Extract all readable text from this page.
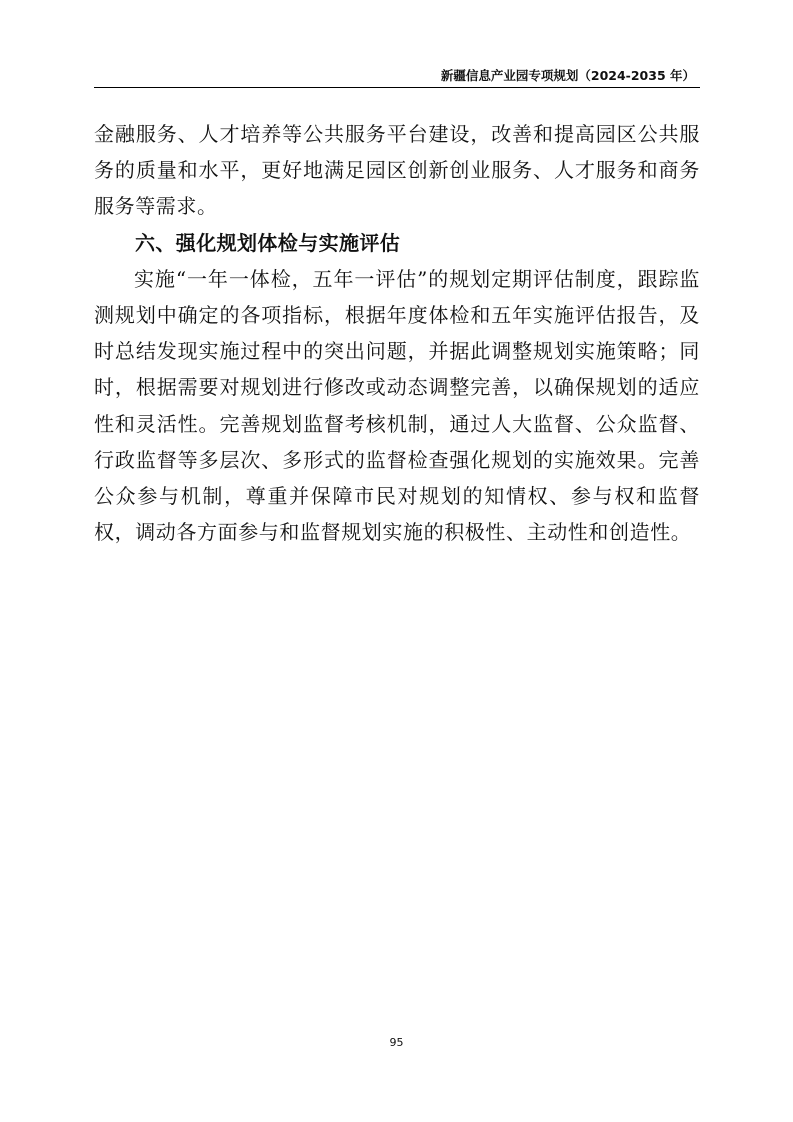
新疆信息产业园专项规划（2024-2035 年）

金融服务、人才培养等公共服务平台建设，改善和提高园区公共服务的质量和水平，更好地满足园区创新创业服务、人才服务和商务服务等需求。

六、强化规划体检与实施评估

实施“一年一体检，五年一评估”的规划定期评估制度，跟踪监测规划中确定的各项指标，根据年度体检和五年实施评估报告，及时总结发现实施过程中的突出问题，并据此调整规划实施策略；同时，根据需要对规划进行修改或动态调整完善，以确保规划的适应性和灵活性。完善规划监督考核机制，通过人大监督、公众监督、行政监督等多层次、多形式的监督检查强化规划的实施效果。完善公众参与机制，尊重并保障市民对规划的知情权、参与权和监督权，调动各方面参与和监督规划实施的积极性、主动性和创造性。

95
